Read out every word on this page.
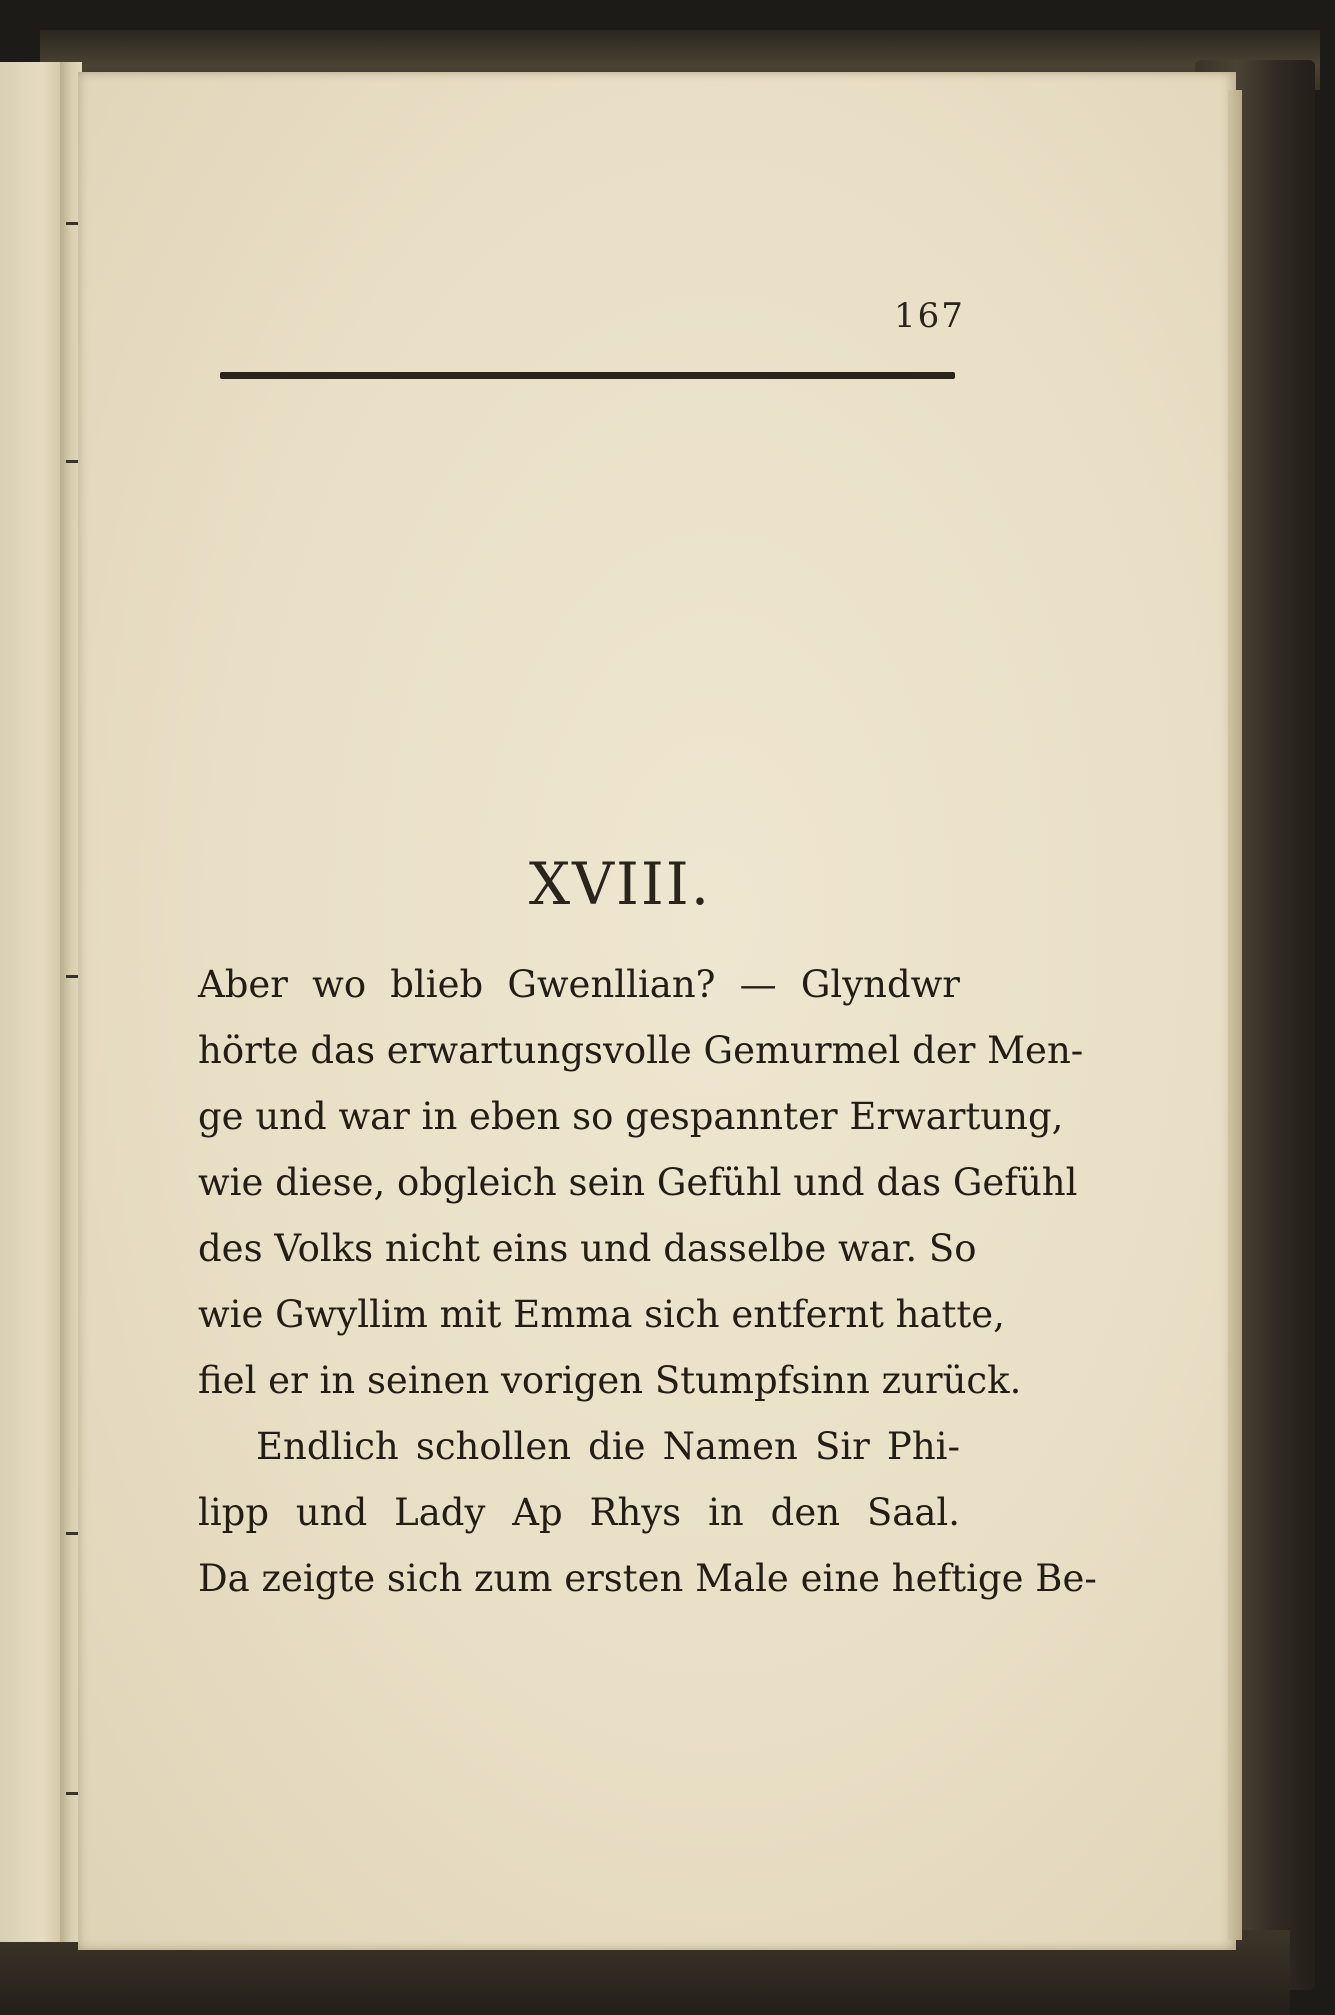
167
XVIII.
Aber wo blieb Gwenllian? — Glyndwr
hörte das erwartungsvolle Gemurmel der Men-
ge und war in eben so gespannter Erwartung,
wie diese, obgleich sein Gefühl und das Gefühl
des Volks nicht eins und dasselbe war. So
wie Gwyllim mit Emma sich entfernt hatte,
fiel er in seinen vorigen Stumpfsinn zurück.
Endlich schollen die Namen Sir Phi-
lipp und Lady Ap Rhys in den Saal.
Da zeigte sich zum ersten Male eine heftige Be-
